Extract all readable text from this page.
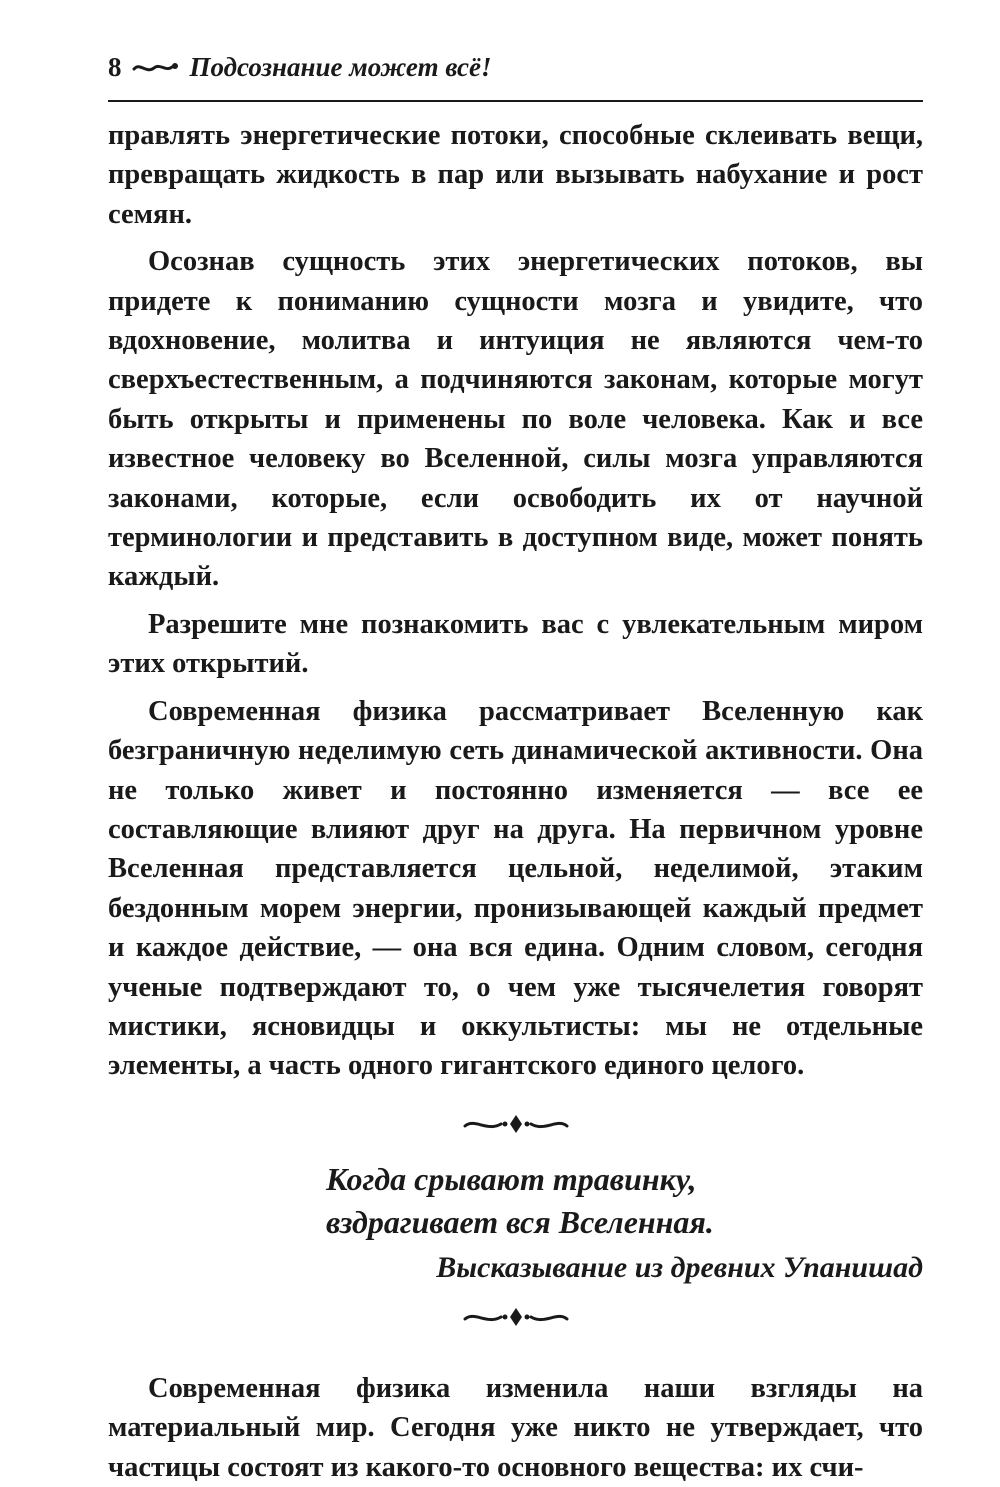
8	Подсознание может всё!

правлять энергетические потоки, способные склеивать вещи, превращать жидкость в пар или вызывать набухание и рост семян.

Осознав сущность этих энергетических потоков, вы придете к пониманию сущности мозга и увидите, что вдохновение, молитва и интуиция не являются чем-то сверхъестественным, а подчиняются законам, которые могут быть открыты и применены по воле человека. Как и все известное человеку во Вселенной, силы мозга управляются законами, которые, если освободить их от научной терминологии и представить в доступном виде, может понять каждый.

Разрешите мне познакомить вас с увлекательным миром этих открытий.

Современная физика рассматривает Вселенную как безграничную неделимую сеть динамической активности. Она не только живет и постоянно изменяется — все ее составляющие влияют друг на друга. На первичном уровне Вселенная представляется цельной, неделимой, этаким бездонным морем энергии, пронизывающей каждый предмет и каждое действие, — она вся едина. Одним словом, сегодня ученые подтверждают то, о чем уже тысячелетия говорят мистики, ясновидцы и оккультисты: мы не отдельные элементы, а часть одного гигантского единого целого.

Когда срывают травинку,
вздрагивает вся Вселенная.
Высказывание из древних Упанишад

Современная физика изменила наши взгляды на материальный мир. Сегодня уже никто не утверждает, что частицы состоят из какого-то основного вещества: их счи-
